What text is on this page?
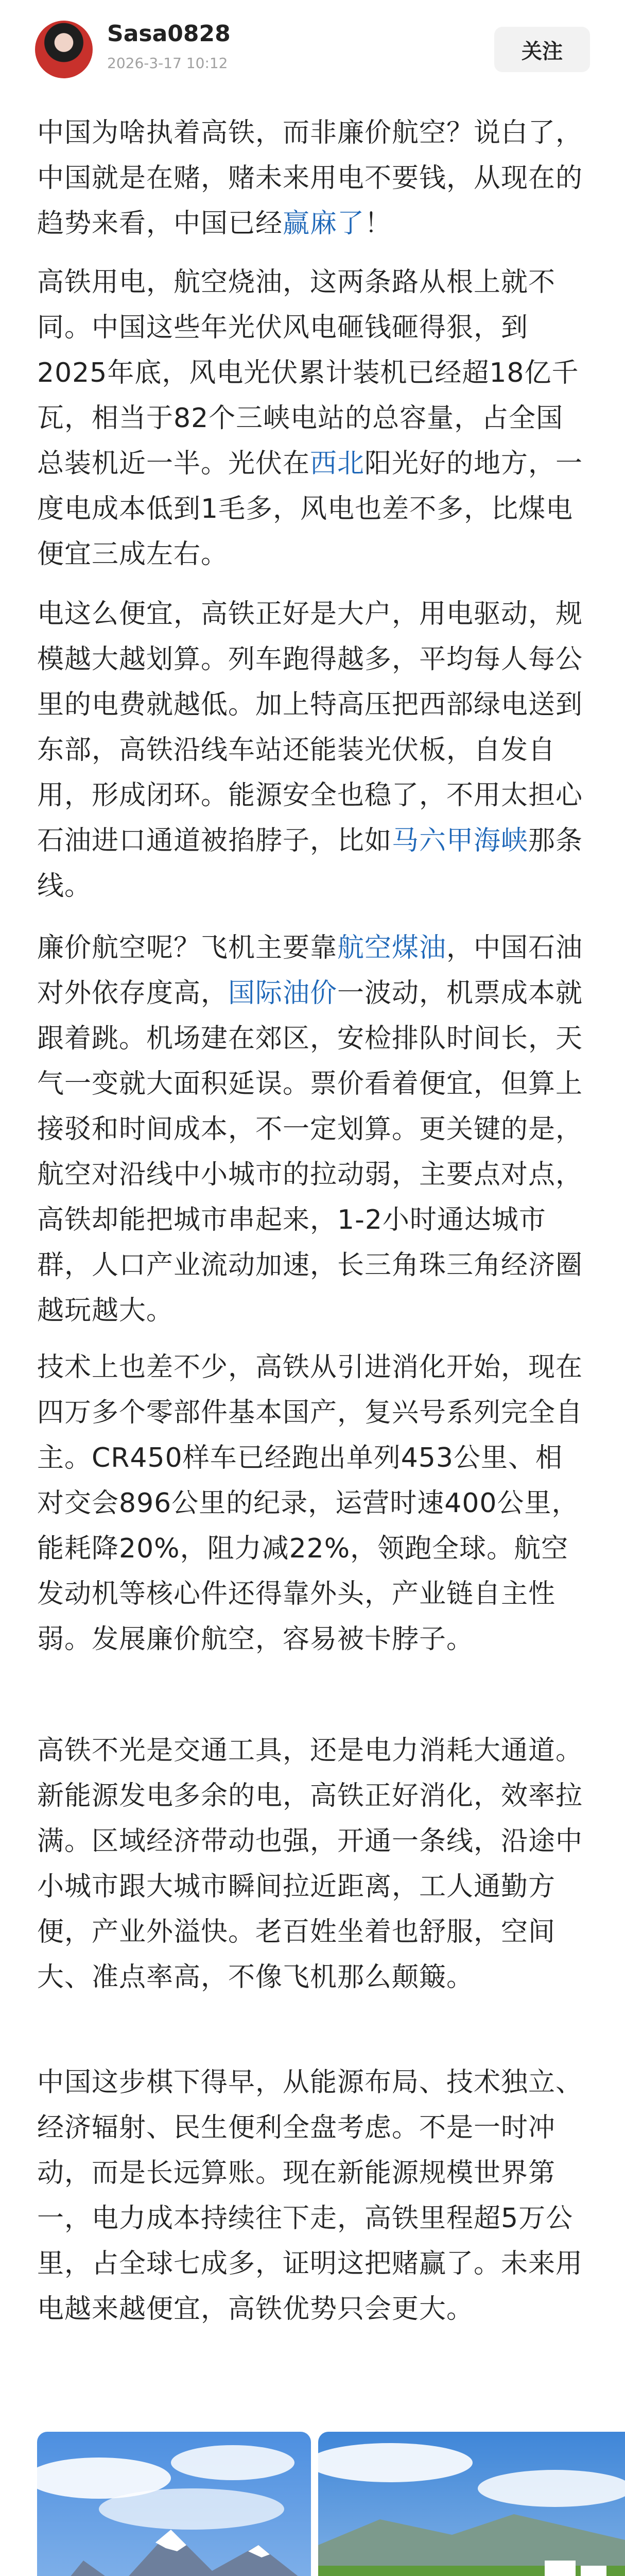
Sasa0828
2026-3-17 10:12	关注

中国为啥执着高铁，而非廉价航空？说白了，中国就是在赌，赌未来用电不要钱，从现在的趋势来看，中国已经赢麻了！

高铁用电，航空烧油，这两条路从根上就不同。中国这些年光伏风电砸钱砸得狠，到2025年底，风电光伏累计装机已经超18亿千瓦，相当于82个三峡电站的总容量，占全国总装机近一半。光伏在西北阳光好的地方，一度电成本低到1毛多，风电也差不多，比煤电便宜三成左右。

电这么便宜，高铁正好是大户，用电驱动，规模越大越划算。列车跑得越多，平均每人每公里的电费就越低。加上特高压把西部绿电送到东部，高铁沿线车站还能装光伏板，自发自用，形成闭环。能源安全也稳了，不用太担心石油进口通道被掐脖子，比如马六甲海峡那条线。

廉价航空呢？飞机主要靠航空煤油，中国石油对外依存度高，国际油价一波动，机票成本就跟着跳。机场建在郊区，安检排队时间长，天气一变就大面积延误。票价看着便宜，但算上接驳和时间成本，不一定划算。更关键的是，航空对沿线中小城市的拉动弱，主要点对点，高铁却能把城市串起来，1-2小时通达城市群，人口产业流动加速，长三角珠三角经济圈越玩越大。

技术上也差不少，高铁从引进消化开始，现在四万多个零部件基本国产，复兴号系列完全自主。CR450样车已经跑出单列453公里、相对交会896公里的纪录，运营时速400公里，能耗降20%，阻力减22%，领跑全球。航空发动机等核心件还得靠外头，产业链自主性弱。发展廉价航空，容易被卡脖子。

高铁不光是交通工具，还是电力消耗大通道。新能源发电多余的电，高铁正好消化，效率拉满。区域经济带动也强，开通一条线，沿途中小城市跟大城市瞬间拉近距离，工人通勤方便，产业外溢快。老百姓坐着也舒服，空间大、准点率高，不像飞机那么颠簸。

中国这步棋下得早，从能源布局、技术独立、经济辐射、民生便利全盘考虑。不是一时冲动，而是长远算账。现在新能源规模世界第一，电力成本持续往下走，高铁里程超5万公里，占全球七成多，证明这把赌赢了。未来用电越来越便宜，高铁优势只会更大。
